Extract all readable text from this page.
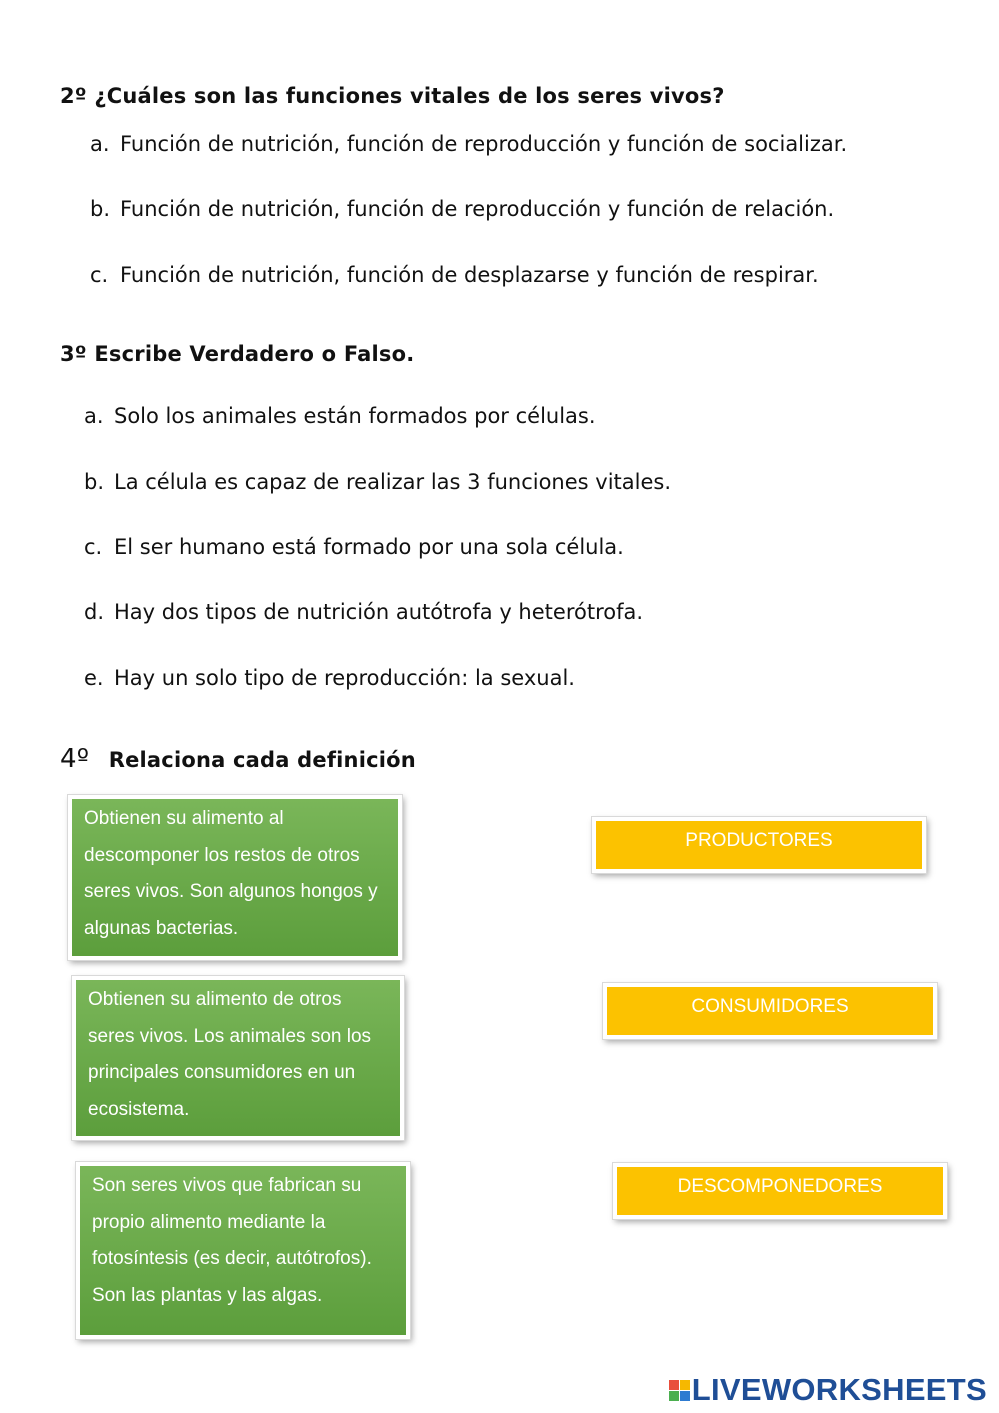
2º ¿Cuáles son las funciones vitales de los seres vivos?
a. Función de nutrición, función de reproducción y función de socializar.
b. Función de nutrición, función de reproducción y función de relación.
c. Función de nutrición, función de desplazarse y función de respirar.
3º Escribe Verdadero o Falso.
a. Solo los animales están formados por células.
b. La célula es capaz de realizar las 3 funciones vitales.
c. El ser humano está formado por una sola célula.
d. Hay dos tipos de nutrición autótrofa y heterótrofa.
e. Hay un solo tipo de reproducción: la sexual.
4º Relaciona cada definición
Obtienen su alimento al descomponer los restos de otros seres vivos. Son algunos hongos y algunas bacterias.
Obtienen su alimento de otros seres vivos. Los animales son los principales consumidores en un ecosistema.
Son seres vivos que fabrican su propio alimento mediante la fotosíntesis (es decir, autótrofos). Son las plantas y las algas.
PRODUCTORES
CONSUMIDORES
DESCOMPONEDORES
LIVEWORKSHEETS
